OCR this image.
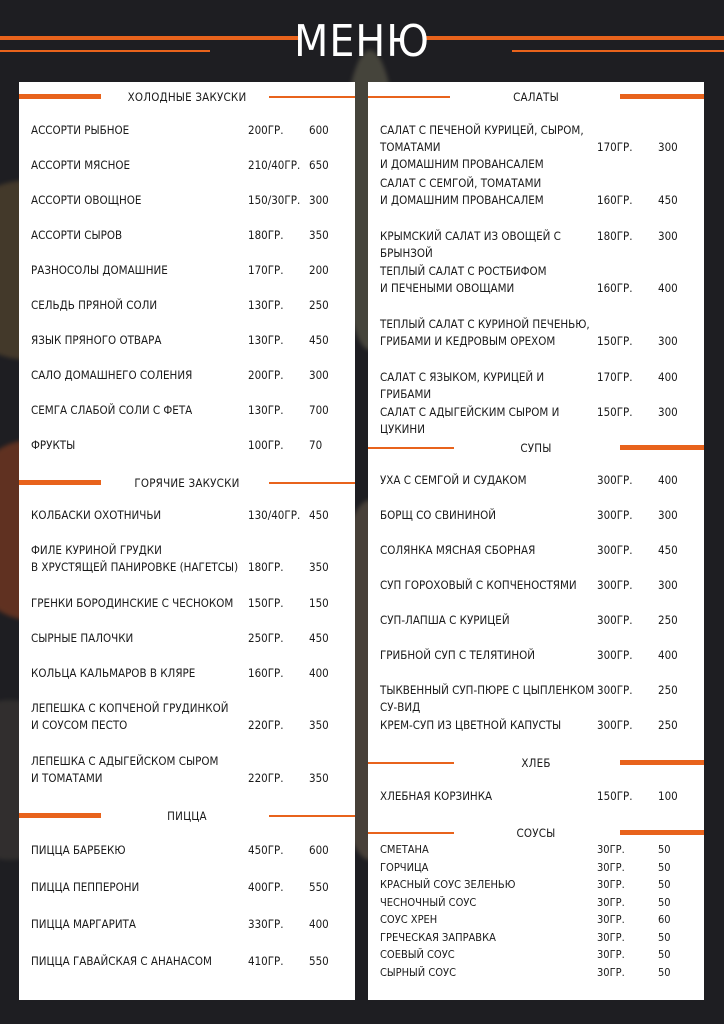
МЕНЮ
ХОЛОДНЫЕ ЗАКУСКИ
АССОРТИ РЫБНОЕ	200ГР.	600
АССОРТИ МЯСНОЕ	210/40ГР. 650
АССОРТИ ОВОЩНОЕ	150/30ГР. 300
АССОРТИ СЫРОВ	180ГР.	350
РАЗНОСОЛЫ ДОМАШНИЕ	170ГР.	200
СЕЛЬДЬ ПРЯНОЙ СОЛИ	130ГР.	250
ЯЗЫК ПРЯНОГО ОТВАРА	130ГР.	450
САЛО ДОМАШНЕГО СОЛЕНИЯ	200ГР.	300
СЕМГА СЛАБОЙ СОЛИ С ФЕТА	130ГР.	700
ФРУКТЫ	100ГР.	70
ГОРЯЧИЕ ЗАКУСКИ
КОЛБАСКИ ОХОТНИЧЬИ	130/40ГР. 450
ФИЛЕ КУРИНОЙ ГРУДКИ
В ХРУСТЯЩЕЙ ПАНИРОВКЕ (НАГЕТСЫ) 180ГР.	350
ГРЕНКИ БОРОДИНСКИЕ С ЧЕСНОКОМ	150ГР.	150
СЫРНЫЕ ПАЛОЧКИ	250ГР.	450
КОЛЬЦА КАЛЬМАРОВ В КЛЯРЕ	160ГР.	400
ЛЕПЕШКА С КОПЧЕНОЙ ГРУДИНКОЙ
И СОУСОМ ПЕСТО	220ГР.	350
ЛЕПЕШКА С АДЫГЕЙСКОМ СЫРОМ
И ТОМАТАМИ	220ГР.	350
ПИЦЦА
ПИЦЦА БАРБЕКЮ	450ГР.	600
ПИЦЦА ПЕППЕРОНИ	400ГР.	550
ПИЦЦА МАРГАРИТА	330ГР.	400
ПИЦЦА ГАВАЙСКАЯ С АНАНАСОМ	410ГР.	550
САЛАТЫ
САЛАТ С ПЕЧЕНОЙ КУРИЦЕЙ, СЫРОМ, ТОМАТАМИ
И ДОМАШНИМ ПРОВАНСАЛЕМ
170ГР.	300
САЛАТ С СЕМГОЙ, ТОМАТАМИ
И ДОМАШНИМ ПРОВАНСАЛЕМ	160ГР.	450
КРЫМСКИЙ САЛАТ ИЗ ОВОЩЕЙ С БРЫНЗОЙ
180ГР.	300
ТЕПЛЫЙ САЛАТ С РОСТБИФОМ
И ПЕЧЕНЫМИ ОВОЩАМИ	160ГР.	400
ТЕПЛЫЙ САЛАТ С КУРИНОЙ ПЕЧЕНЬЮ,
ГРИБАМИ И КЕДРОВЫМ ОРЕХОМ	150ГР.	300
САЛАТ С ЯЗЫКОМ, КУРИЦЕЙ И ГРИБАМИ
170ГР.	400
САЛАТ С АДЫГЕЙСКИМ СЫРОМ И ЦУКИНИ
150ГР.	300
СУПЫ
УХА С СЕМГОЙ И СУДАКОМ	300ГР.	400
БОРЩ СО СВИНИНОЙ	300ГР.	300
СОЛЯНКА МЯСНАЯ СБОРНАЯ	300ГР.	450
СУП ГОРОХОВЫЙ С КОПЧЕНОСТЯМИ	300ГР.	300
СУП-ЛАПША С КУРИЦЕЙ	300ГР.	250
ГРИБНОЙ СУП С ТЕЛЯТИНОЙ	300ГР.	400
ТЫКВЕННЫЙ СУП-ПЮРЕ С ЦЫПЛЕНКОМ СУ-ВИД
300ГР.	250
КРЕМ-СУП ИЗ ЦВЕТНОЙ КАПУСТЫ	300ГР.	250
ХЛЕБ
ХЛЕБНАЯ КОРЗИНКА	150ГР.	100
СОУСЫ
СМЕТАНА	30ГР.	50
ГОРЧИЦА	30ГР.	50
КРАСНЫЙ СОУС ЗЕЛЕНЬЮ	30ГР.	50
ЧЕСНОЧНЫЙ СОУС	30ГР.	50
СОУС ХРЕН	30ГР.	60
ГРЕЧЕСКАЯ ЗАПРАВКА	30ГР.	50
СОЕВЫЙ СОУС	30ГР.	50
СЫРНЫЙ СОУС	30ГР.	50
